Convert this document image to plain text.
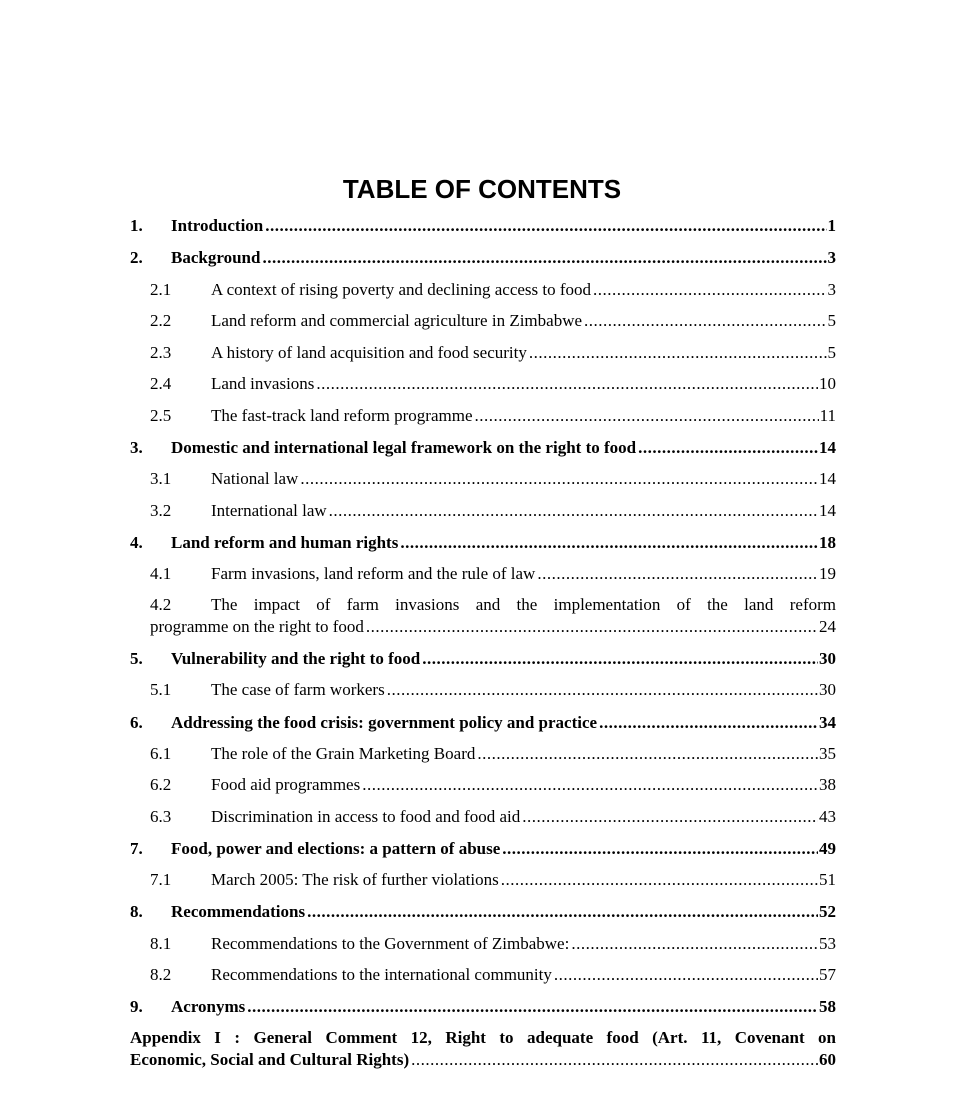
TABLE OF CONTENTS
1.	Introduction .....	1
2.	Background .....	3
2.1	A context of rising poverty and declining access to food .....	3
2.2	Land reform and commercial agriculture in Zimbabwe .....	5
2.3	A history of land acquisition and food security .....	5
2.4	Land invasions .....	10
2.5	The fast-track land reform programme .....	11
3.	Domestic and international legal framework on the right to food .....	14
3.1	National law .....	14
3.2	International law .....	14
4.	Land reform and human rights .....	18
4.1	Farm invasions, land reform and the rule of law .....	19
4.2	The impact of farm invasions and the implementation of the land reform
programme on the right to food .....	24
5.	Vulnerability and the right to food .....	30
5.1	The case of farm workers .....	30
6.	Addressing the food crisis: government policy and practice .....	34
6.1	The role of the Grain Marketing Board .....	35
6.2	Food aid programmes .....	38
6.3	Discrimination in access to food and food aid .....	43
7.	Food, power and elections: a pattern of abuse .....	49
7.1	March 2005: The risk of further violations .....	51
8.	Recommendations .....	52
8.1	Recommendations to the Government of Zimbabwe: .....	53
8.2	Recommendations to the international community .....	57
9.	Acronyms .....	58
Appendix I : General Comment 12, Right to adequate food (Art. 11, Covenant on
Economic, Social and Cultural Rights) .....	60
